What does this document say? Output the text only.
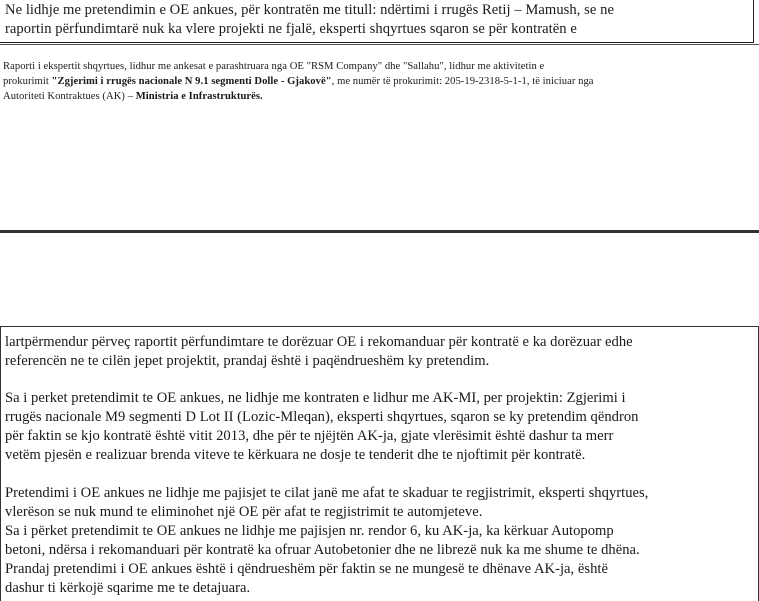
Ne lidhje me pretendimin e OE ankues, për kontratën me titull: ndërtimi i rrugës Retij – Mamush, se ne
raportin përfundimtarë nuk ka vlere projekti ne fjalë, eksperti shqyrtues sqaron se për kontratën e
Raporti i ekspertit shqyrtues, lidhur me ankesat e parashtruara nga OE "RSM Company" dhe "Sallahu", lidhur me aktivitetin e
prokurimit "Zgjerimi i rrugës nacionale N 9.1 segmenti Dolle - Gjakovë", me numër të prokurimit: 205-19-2318-5-1-1, të iniciuar nga
Autoriteti Kontraktues (AK) – Ministria e Infrastrukturës.
lartpërmendur përveç raportit përfundimtare te dorëzuar OE i rekomanduar për kontratë e ka dorëzuar edhe
referencën ne te cilën jepet projektit, prandaj është i paqëndrueshëm ky pretendim.
Sa i perket pretendimit te OE ankues, ne lidhje me kontraten e lidhur me AK-MI, per projektin: Zgjerimi i
rrugës nacionale M9 segmenti D Lot II (Lozic-Mleqan), eksperti shqyrtues, sqaron se ky pretendim qëndron
për faktin se kjo kontratë është vitit 2013, dhe për te njëjtën AK-ja, gjate vlerësimit është dashur ta merr
vetëm pjesën e realizuar brenda viteve te kërkuara ne dosje te tenderit dhe te njoftimit për kontratë.
Pretendimi i OE ankues ne lidhje me pajisjet te cilat janë me afat te skaduar te regjistrimit, eksperti shqyrtues,
vlerëson se nuk mund te eliminohet një OE për afat te regjistrimit te automjeteve.
Sa i përket pretendimit te OE ankues ne lidhje me pajisjen nr. rendor 6, ku AK-ja, ka kërkuar Autopomp
betoni, ndërsa i rekomanduari për kontratë ka ofruar Autobetonier dhe ne librezë nuk ka me shume te dhëna.
Prandaj pretendimi i OE ankues është i qëndrueshëm për faktin se ne mungesë te dhënave AK-ja, është
dashur ti kërkojë sqarime me te detajuara.
